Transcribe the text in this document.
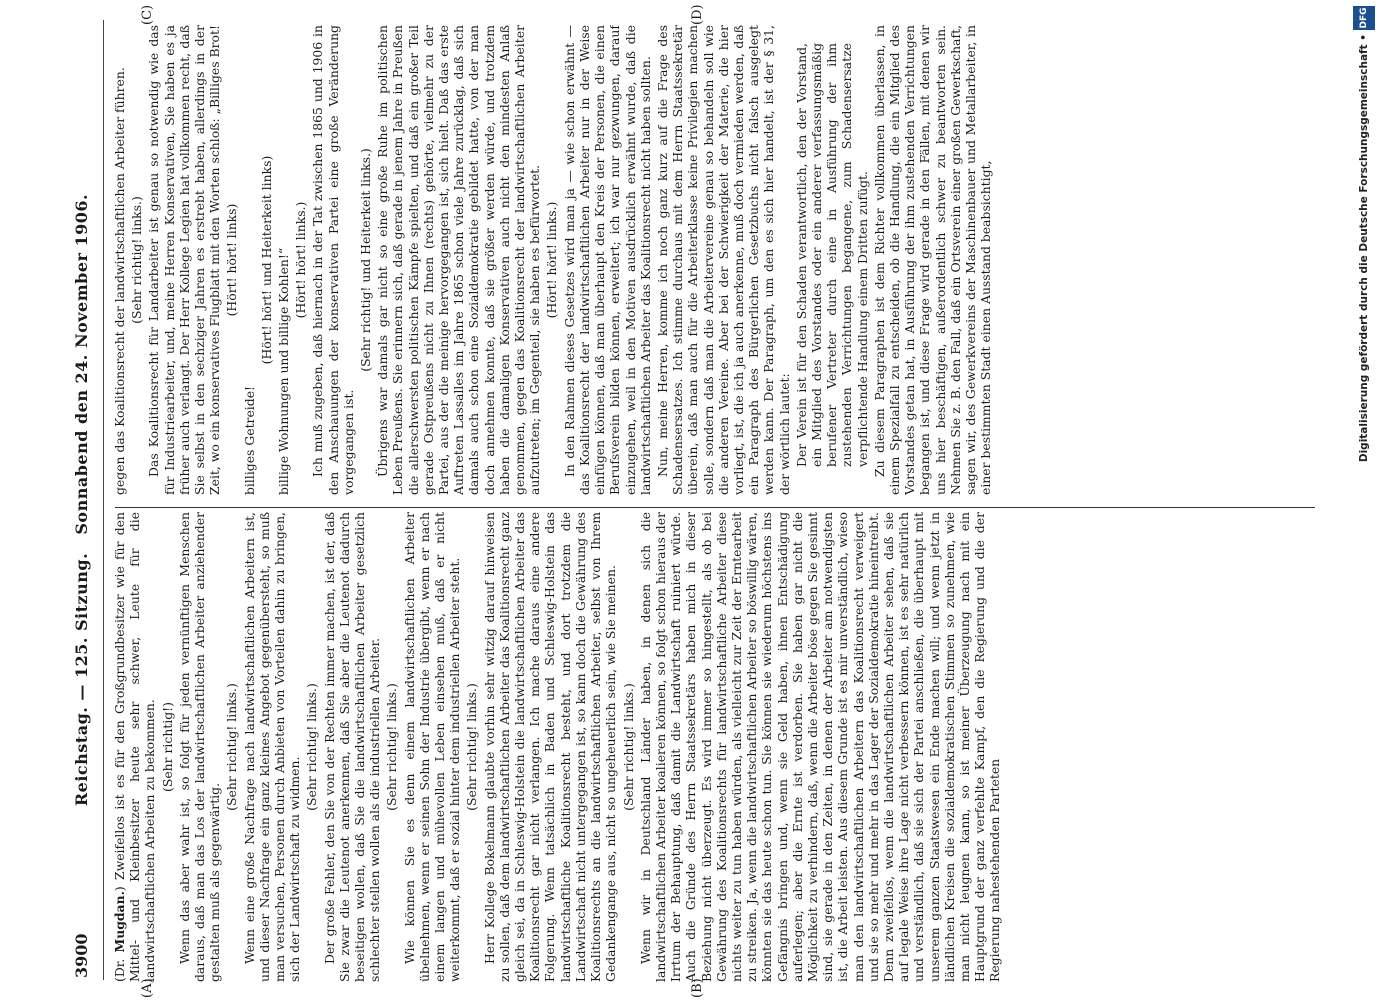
3900
Reichstag. — 125. Sitzung.   Sonnabend den 24. November 1906.
(A)	(B)
(C)	(D)

(Dr. Mugdan.) Zweifellos ist es für den Großgrundbesitzer wie für den Mittel- und Kleinbesitzer heute sehr schwer, Leute für die landwirtschaftlichen Arbeiten zu bekommen. (Sehr richtig!) Wenn das aber wahr ist, so folgt für jeden vernünftigen Menschen daraus, daß man das Los der landwirtschaftlichen Arbeiter anziehender gestalten muß als gegenwärtig.

(Sehr richtig! links.) Wenn eine große Nachfrage nach landwirtschaftlichen Arbeitern ist, und dieser Nachfrage ein ganz kleines Angebot gegenübersteht, so muß man versuchen, Personen durch Anbieten von Vorteilen dahin zu bringen, sich der Landwirtschaft zu widmen.

(Sehr richtig! links.) Der große Fehler, den Sie von der Rechten immer machen, ist der, daß Sie zwar die Leutenot anerkennen, daß Sie aber die Leutenot dadurch beseitigen wollen, daß Sie die landwirtschaftlichen Arbeiter gesetzlich schlechter stellen wollen als die industriellen Arbeiter. (Sehr richtig! links.) Wie können Sie es denn einem landwirtschaftlichen Arbeiter übelnehmen, wenn er seinen Sohn der Industrie übergibt, wenn er nach einem langen und mühevollen Leben einsehen muß, daß er nicht weiterkommt, daß er sozial hinter dem industriellen Arbeiter steht. (Sehr richtig! links.) Herr Kollege Bokelmann glaubte vorhin sehr witzig darauf hinweisen zu sollen, daß dem landwirtschaftlichen Arbeiter das Koalitionsrecht ganz gleich sei, da in Schleswig-Holstein die landwirtschaftlichen Arbeiter das Koalitionsrecht gar nicht verlangen. Ich mache daraus eine andere Folgerung. Wenn tatsächlich in Baden und Schleswig-Holstein das landwirtschaftliche Koalitionsrecht besteht, und dort trotzdem die Landwirtschaft nicht untergegangen ist, so kann doch die Gewährung des Koalitionsrechts an die landwirtschaftlichen Arbeiter, selbst von Ihrem Gedankengange aus, nicht so ungeheuerlich sein, wie Sie meinen. (Sehr richtig! links.) Wenn wir in Deutschland Länder haben, in denen sich die landwirtschaftlichen Arbeiter koalieren können, so folgt schon hieraus der Irrtum der Behauptung, daß damit die Landwirtschaft ruiniert würde. Auch die Gründe des Herrn Staatssekretärs haben mich in dieser Beziehung nicht überzeugt. Es wird immer so hingestellt, als ob bei Gewährung des Koalitionsrechts für landwirtschaftliche Arbeiter diese nichts weiter zu tun haben würden, als vielleicht zur Zeit der Erntearbeit zu streiken. Ja, wenn die landwirtschaftlichen Arbeiter so böswillig wären, könnten sie das heute schon tun. Sie können sie wiederum höchstens ins Gefängnis bringen und, wenn sie Geld haben, ihnen Entschädigung auferlegen; aber die Ernte ist verdorben. Sie haben gar nicht die Möglichkeit zu verhindern, daß, wenn die Arbeiter böse gegen Sie gesinnt sind, sie gerade in den Zeiten, in denen der Arbeiter am notwendigsten ist, die Arbeit leisten. Aus diesem Grunde ist es mir unverständlich, wieso man den landwirtschaftlichen Arbeitern das Koalitionsrecht verweigert und sie so mehr und mehr in das Lager der Sozialdemokratie hineintreibt. Denn zweifellos, wenn die landwirtschaftlichen Arbeiter sehen, daß sie auf legale Weise ihre Lage nicht verbessern können, ist es sehr natürlich und verständlich, daß sie sich der Partei anschließen, die überhaupt mit unserem ganzen Staatswesen ein Ende machen will; und wenn jetzt in ländlichen Kreisen die sozialdemokratischen Stimmen so zunehmen, wie man nicht leugnen kann, so ist meiner Überzeugung nach mit ein Hauptgrund der ganz verfehlte Kampf, den die Regierung und die der Regierung nahestehenden Parteten

gegen das Koalitionsrecht der landwirtschaftlichen Arbeiter führen. (Sehr richtig! links.) Das Koalitionsrecht für Landarbeiter ist genau so notwendig wie das für Industriearbeiter, und, meine Herren Konservativen, Sie haben es ja früher auch verlangt. Der Herr Kollege Legien hat vollkommen recht, daß Sie selbst in den sechziger Jahren es erstrebt haben, allerdings in der Zeit, wo ein konservatives Flugblatt mit den Worten schloß: „Billiges Brot! (Hört! hört! links)

billiges Getreide!

(Hört! hört! und Heiterkeit links) billige Wohnungen und billige Kohlen!“ (Hört! hört! links.) Ich muß zugeben, daß hiernach in der Tat zwischen 1865 und 1906 in den Anschauungen der konservativen Partei eine große Veränderung vorgegangen ist.

(Sehr richtig! und Heiterkeit links.) Übrigens war damals gar nicht so eine große Ruhe im politischen Leben Preußens. Sie erinnern sich, daß gerade in jenem Jahre in Preußen die allerschwersten politischen Kämpfe spielten, und daß ein großer Teil gerade Ostpreußens nicht zu Ihnen (rechts) gehörte, vielmehr zu der Partei, aus der die meinige hervorgegangen ist, sich hielt. Daß das erste Auftreten Lassalles im Jahre 1865 schon viele Jahre zurücklag, daß sich damals auch schon eine Sozialdemokratie gebildet hatte, von der man doch annehmen konnte, daß sie größer werden würde, und trotzdem haben die damaligen Konservativen auch nicht den mindesten Anlaß genommen, gegen das Koalitionsrecht der landwirtschaftlichen Arbeiter aufzutreten; im Gegenteil, sie haben es befürwortet. (Hört! hört! links.) In den Rahmen dieses Gesetzes wird man ja — wie schon erwähnt — das Koalitionsrecht der landwirtschaftlichen Arbeiter nur in der Weise einfügen können, daß man überhaupt den Kreis der Personen, die einen Berufsverein bilden können, erweitert; ich war nur gezwungen, darauf einzugehen, weil in den Motiven ausdrücklich erwähnt wurde, daß die landwirtschaftlichen Arbeiter das Koalitionsrecht nicht haben sollten. Nun, meine Herren, komme ich noch ganz kurz auf die Frage des Schadensersatzes. Ich stimme durchaus mit dem Herrn Staatssekretär überein, daß man auch für die Arbeiterklasse keine Privilegien machen solle, sondern daß man die Arbeitervereine genau so behandeln soll wie die anderen Vereine. Aber bei der Schwierigkeit der Materie, die hier vorliegt, ist, die ich ja auch anerkenne, muß doch vermieden werden, daß ein Paragraph des Bürgerlichen Gesetzbuchs nicht falsch ausgelegt werden kann. Der Paragraph, um den es sich hier handelt, ist der § 31, der wörtlich lautet: Der Verein ist für den Schaden verantwortlich, den der Vorstand, ein Mitglied des Vorstandes oder ein anderer verfassungsmäßig berufener Vertreter durch eine in Ausführung der ihm zustehenden Verrichtungen begangene, zum Schadensersatze verpflichtende Handlung einem Dritten zufügt. Zu diesem Paragraphen ist dem Richter vollkommen überlassen, in einem Spezialfall zu entscheiden, ob die Handlung, die ein Mitglied des Vorstandes getan hat, in Ausführung der ihm zustehenden Verrichtungen begangen ist, und diese Frage wird gerade in den Fällen, mit denen wir uns hier beschäftigen, außerordentlich schwer zu beantworten sein. Nehmen Sie z. B. den Fall, daß ein Ortsverein einer großen Gewerkschaft, sagen wir, des Gewerkvereins der Maschinenbauer und Metallarbeiter, in einer bestimmten Stadt einen Ausstand beabsichtigt,	Digitalisierung gefördert durch die Deutsche Forschungsgemeinschaft •
DFG
